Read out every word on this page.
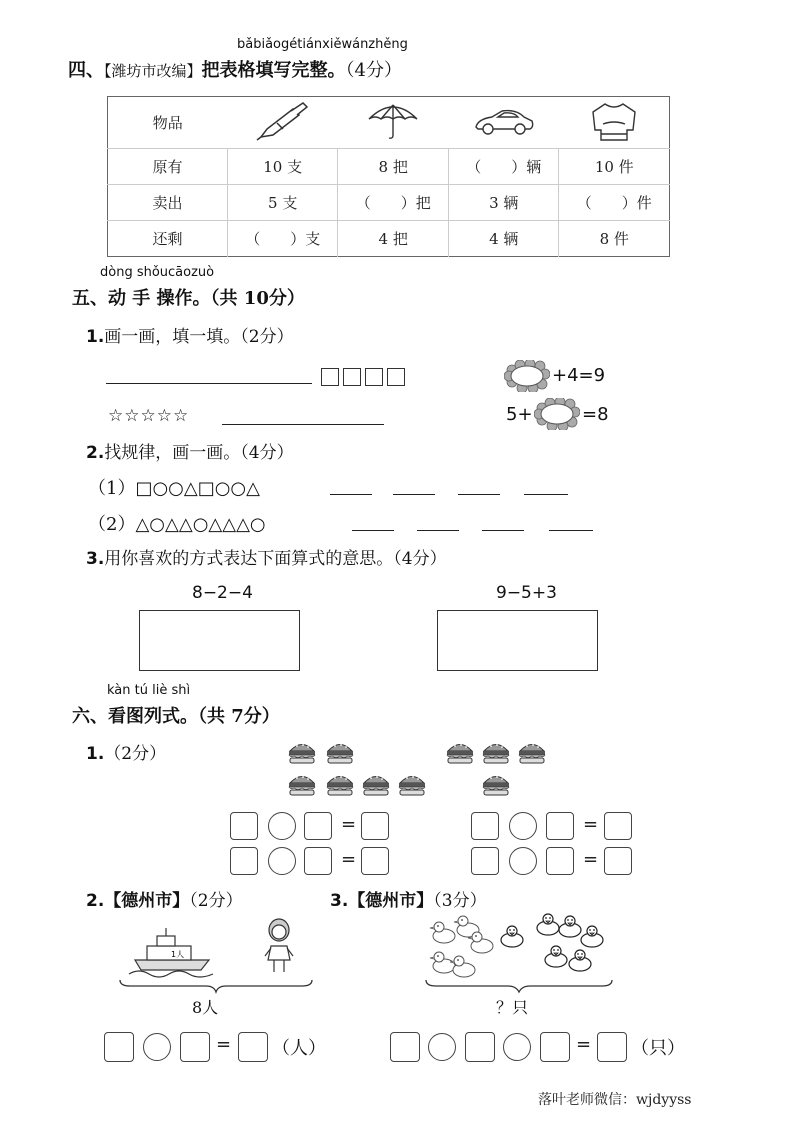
bǎbiǎogétiánxiěwánzhěng
四、【潍坊市改编】把表格填写完整。（4分）
物品				
原有	10 支	8 把	（　　）辆	10 件
卖出	5 支	（　　）把	3 辆	（　　）件
还剩	（　　）支	4 把	4 辆	8 件
dòng shǒucāozuò
五、动 手 操作。（共 10分）
1.画一画，填一填。（2分）
☆☆☆☆☆
+4=9
5+	=8
2.找规律，画一画。（4分）
（1）□○○△□○○△
（2）△○△△○△△△○
3.用你喜欢的方式表达下面算式的意思。（4分）
8−2−4	9−5+3
kàn tú liè shì
六、看图列式。（共 7分）
1.（2分）
=
=
=
=
2.【德州市】（2分）
1人
8人
= （人）
3.【德州市】（3分）
？只
= （只）
落叶老师微信：wjdyyss
